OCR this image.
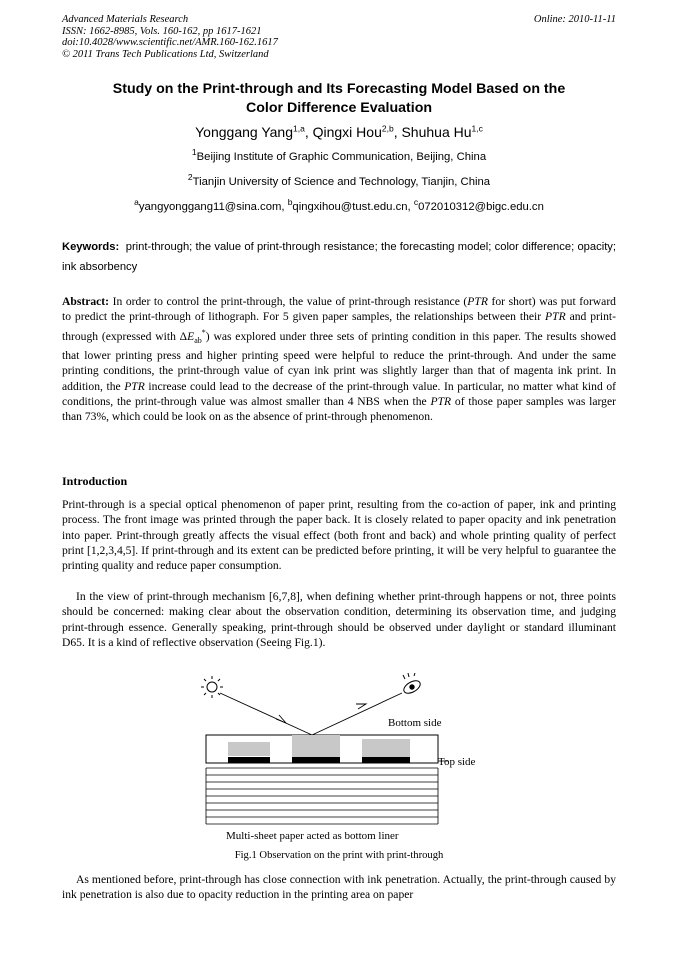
Advanced Materials Research
ISSN: 1662-8985, Vols. 160-162, pp 1617-1621
doi:10.4028/www.scientific.net/AMR.160-162.1617
© 2011 Trans Tech Publications Ltd, Switzerland
Online: 2010-11-11
Study on the Print-through and Its Forecasting Model Based on the
Color Difference Evaluation
Yonggang Yang$^{1,a}$, Qingxi Hou$^{2,b}$, Shuhua Hu$^{1,c}$
$^1$Beijing Institute of Graphic Communication, Beijing, China
$^2$Tianjin University of Science and Technology, Tianjin, China
$^a$yangyonggang11@sina.com, $^b$qingxihou@tust.edu.cn, $^c$072010312@bigc.edu.cn
Keywords: print-through; the value of print-through resistance; the forecasting model; color difference; opacity; ink absorbency
Abstract: In order to control the print-through, the value of print-through resistance (PTR for short) was put forward to predict the print-through of lithograph. For 5 given paper samples, the relationships between their PTR and print-through (expressed with $\Delta E_{ab}^*$) was explored under three sets of printing condition in this paper. The results showed that lower printing press and higher printing speed were helpful to reduce the print-through. And under the same printing conditions, the print-through value of cyan ink print was slightly larger than that of magenta ink print. In addition, the PTR increase could lead to the decrease of the print-through value. In particular, no matter what kind of conditions, the print-through value was almost smaller than 4 NBS when the PTR of those paper samples was larger than 73%, which could be look on as the absence of print-through phenomenon.
Introduction
Print-through is a special optical phenomenon of paper print, resulting from the co-action of paper, ink and printing process. The front image was printed through the paper back. It is closely related to paper opacity and ink penetration into paper. Print-through greatly affects the visual effect (both front and back) and whole printing quality of perfect print [1,2,3,4,5]. If print-through and its extent can be predicted before printing, it will be very helpful to guarantee the printing quality and reduce paper consumption.
In the view of print-through mechanism [6,7,8], when defining whether print-through happens or not, three points should be concerned: making clear about the observation condition, determining its observation time, and judging print-through essence. Generally speaking, print-through should be observed under daylight or standard illuminant D65. It is a kind of reflective observation (Seeing Fig.1).
Bottom side
Top side
Multi-sheet paper acted as bottom liner
Fig.1 Observation on the print with print-through
As mentioned before, print-through has close connection with ink penetration. Actually, the print-through caused by ink penetration is also due to opacity reduction in the printing area on paper
